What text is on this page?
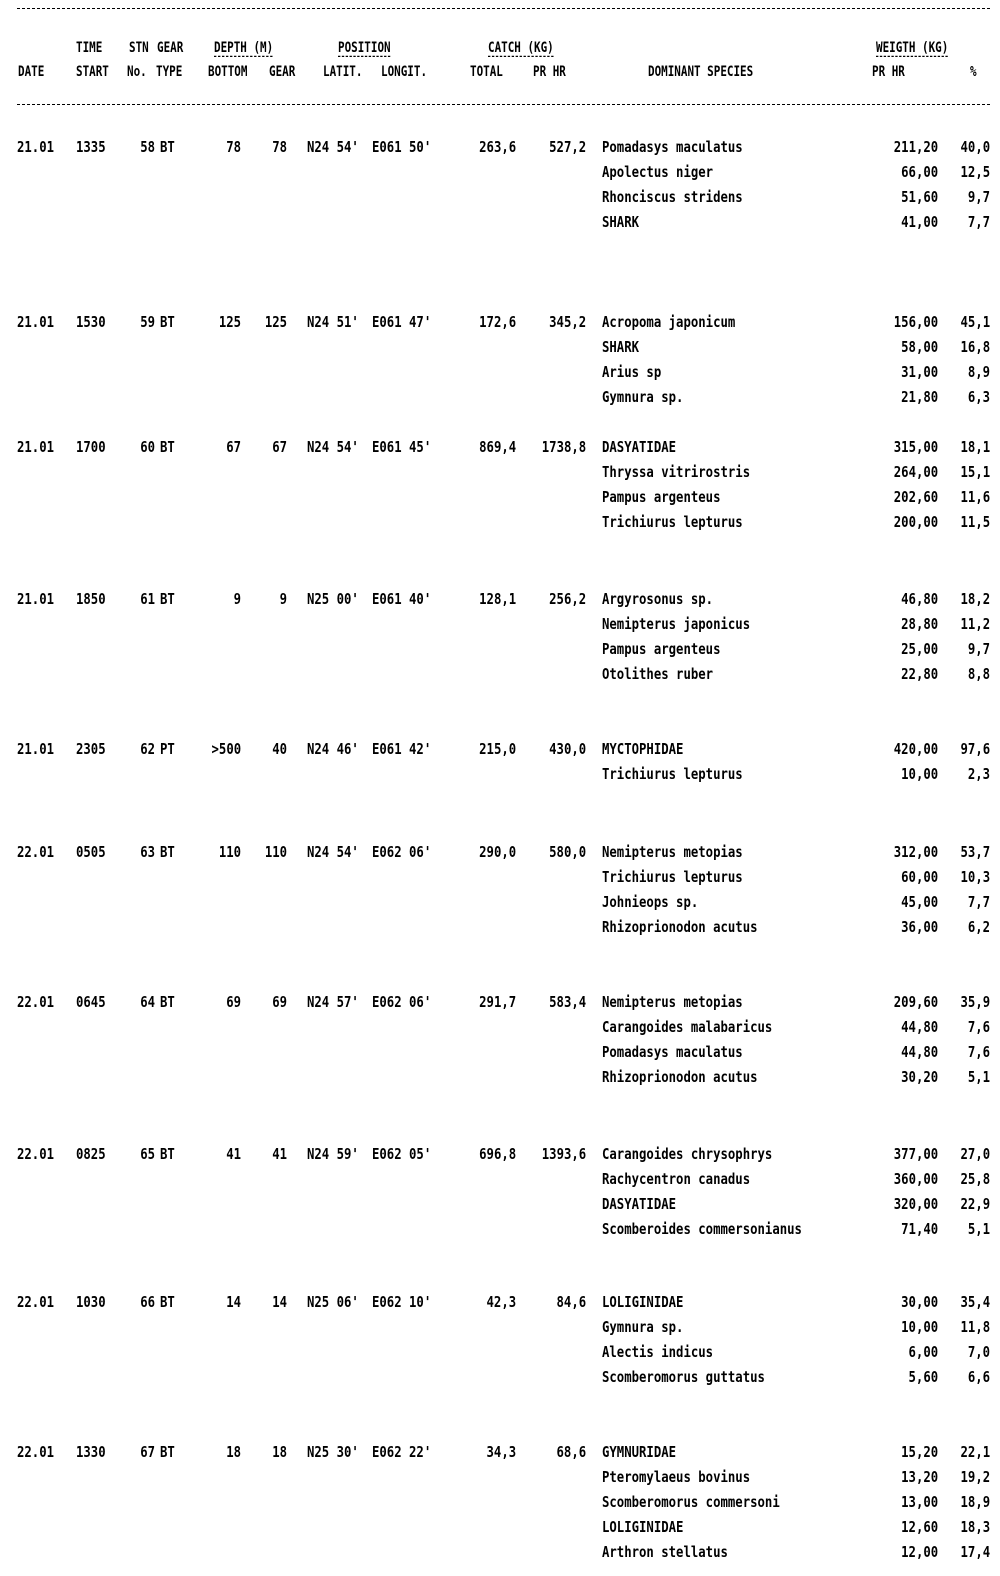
TIME STN GEAR DEPTH (M)	POSITION	CATCH (KG)	WEIGTH (KG)
DATE START No. TYPE BOTTOM GEAR LATIT. LONGIT.	TOTAL PR HR	DOMINANT SPECIES	PR HR	%
21.01 1335 58 BT	78 78 N24 54' E061 50'	263,6 527,2 Pomadasys maculatus	211,20 40,0
Apolectus niger	66,00 12,5
Rhonciscus stridens	51,60 9,7
SHARK	41,00 7,7
21.01 1530 59 BT	125 125 N24 51' E061 47'	172,6 345,2 Acropoma japonicum	156,00 45,1
SHARK	58,00 16,8
Arius sp	31,00 8,9
Gymnura sp.	21,80 6,3
21.01 1700 60 BT	67 67 N24 54' E061 45'	869,4 1738,8 DASYATIDAE	315,00 18,1
Thryssa vitrirostris	264,00 15,1
Pampus argenteus	202,60 11,6
Trichiurus lepturus	200,00 11,5
21.01 1850 61 BT	9	9 N25 00' E061 40'	128,1 256,2 Argyrosonus sp.	46,80 18,2
Nemipterus japonicus	28,80 11,2
Pampus argenteus	25,00 9,7
Otolithes ruber	22,80 8,8
21.01 2305 62 PT >500 40 N24 46' E061 42'	215,0 430,0 MYCTOPHIDAE	420,00 97,6
Trichiurus lepturus	10,00 2,3
22.01 0505 63 BT	110 110 N24 54' E062 06'	290,0 580,0 Nemipterus metopias	312,00 53,7
Trichiurus lepturus	60,00 10,3
Johnieops sp.	45,00 7,7
Rhizoprionodon acutus	36,00 6,2
22.01 0645 64 BT	69 69 N24 57' E062 06'	291,7 583,4 Nemipterus metopias	209,60 35,9
Carangoides malabaricus	44,80 7,6
Pomadasys maculatus	44,80 7,6
Rhizoprionodon acutus	30,20 5,1
22.01 0825 65 BT	41 41 N24 59' E062 05'	696,8 1393,6 Carangoides chrysophrys	377,00 27,0
Rachycentron canadus	360,00 25,8
DASYATIDAE	320,00 22,9
Scomberoides commersonianus	71,40 5,1
22.01 1030 66 BT	14 14 N25 06' E062 10'	42,3	84,6 LOLIGINIDAE	30,00 35,4
Gymnura sp.	10,00 11,8
Alectis indicus	6,00 7,0
Scomberomorus guttatus	5,60 6,6
22.01 1330 67 BT	18 18 N25 30' E062 22'	34,3	68,6 GYMNURIDAE	15,20 22,1
Pteromylaeus bovinus	13,20 19,2
Scomberomorus commersoni	13,00 18,9
LOLIGINIDAE	12,60 18,3
Arthron stellatus	12,00 17,4
